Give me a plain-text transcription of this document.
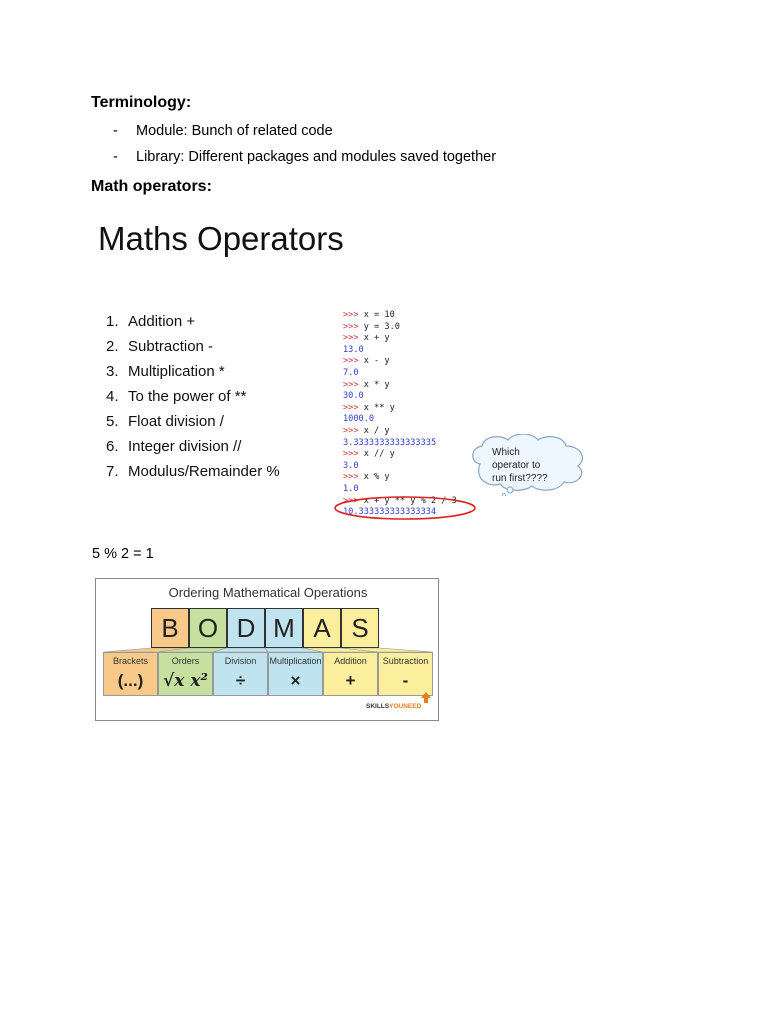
Terminology:
- Module: Bunch of related code
- Library: Different packages and modules saved together
Math operators:
Maths Operators
1. Addition +
2. Subtraction -
3. Multiplication *
4. To the power of **
5. Float division /
6. Integer division //
7. Modulus/Remainder %
>>> x = 10
>>> y = 3.0
>>> x + y
13.0
>>> x - y
7.0
>>> x * y
30.0
>>> x ** y
1000.0
>>> x / y
3.3333333333333335
>>> x // y
3.0
>>> x % y
1.0
>>> x + y ** y % 2 / 3
10.333333333333334
Which
operator to
run first????
5 % 2 = 1
Ordering Mathematical Operations
B O D M A S
Brackets
(...)
Orders
√x x²
Division
÷
Multiplication
×
Addition
+
Subtraction
-
SKILLSYOUNEED
